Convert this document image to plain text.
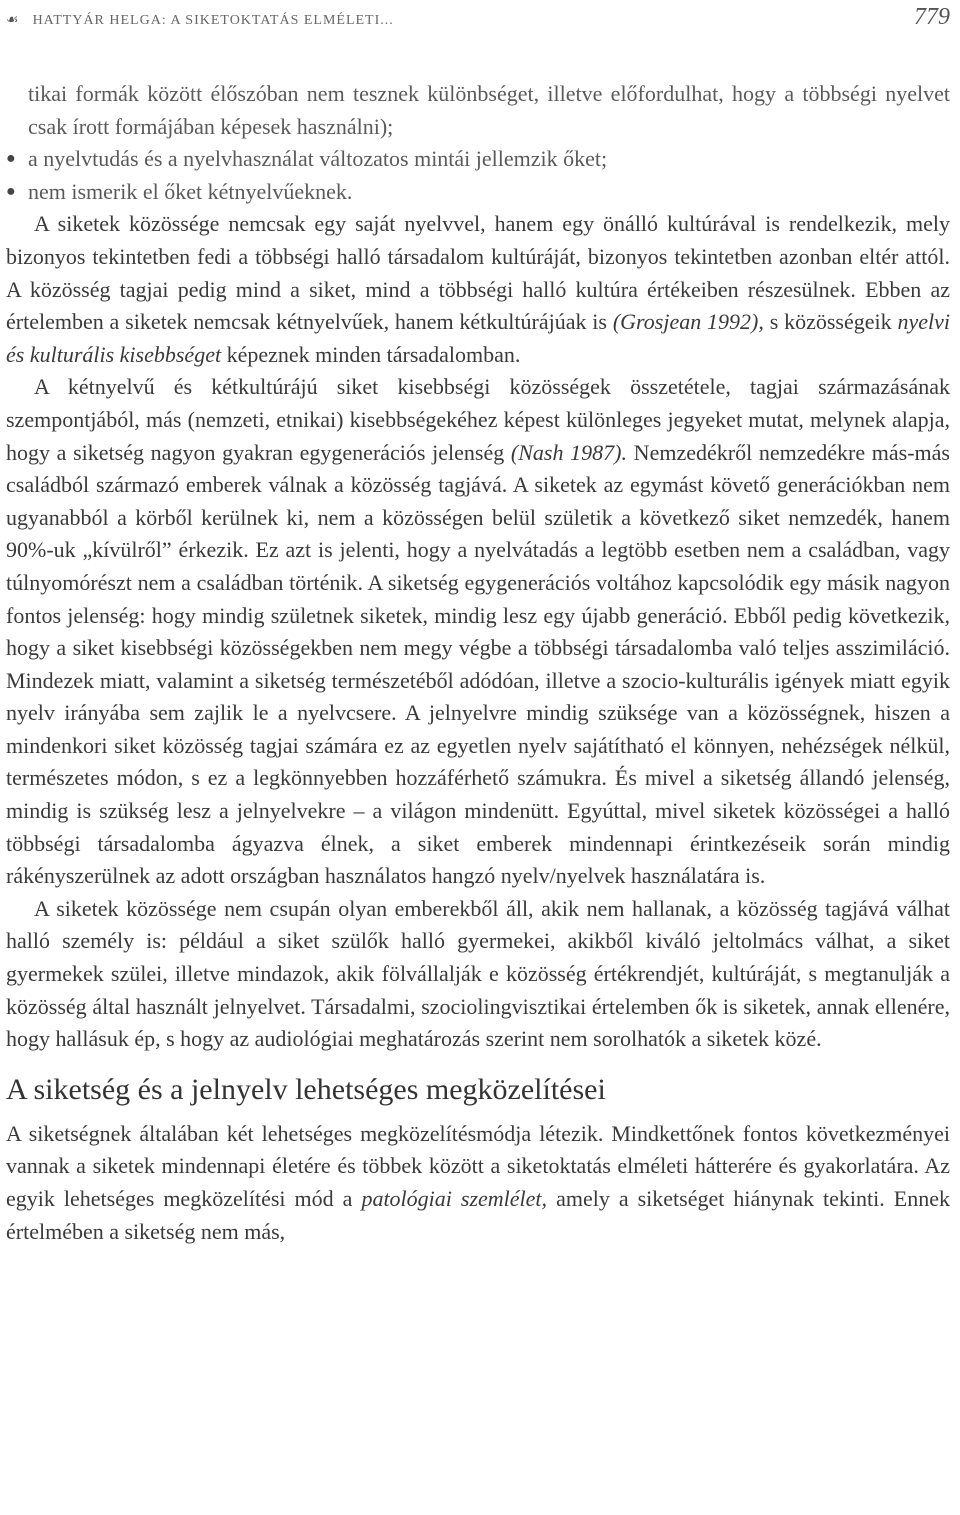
☙ HATTYÁR HELGA: A SIKETOKTATÁS ELMÉLETI...	779

tikai formák között élőszóban nem tesznek különbséget, illetve előfordulhat, hogy a többségi nyelvet csak írott formájában képesek használni);

● a nyelvtudás és a nyelvhasználat változatos mintái jellemzik őket;
● nem ismerik el őket kétnyelvűeknek.

A siketek közössége nemcsak egy saját nyelvvel, hanem egy önálló kultúrával is rendelkezik, mely bizonyos tekintetben fedi a többségi halló társadalom kultúráját, bizonyos tekintetben azonban eltér attól. A közösség tagjai pedig mind a siket, mind a többségi halló kultúra értékeiben részesülnek. Ebben az értelemben a siketek nemcsak kétnyelvűek, hanem kétkultúrájúak is (Grosjean 1992), s közösségeik nyelvi és kulturális kisebbséget képeznek minden társadalomban.

A kétnyelvű és kétkultúrájú siket kisebbségi közösségek összetétele, tagjai származásának szempontjából, más (nemzeti, etnikai) kisebbségekéhez képest különleges jegyeket mutat, melynek alapja, hogy a siketség nagyon gyakran egygenerációs jelenség (Nash 1987). Nemzedékről nemzedékre más-más családból származó emberek válnak a közösség tagjává. A siketek az egymást követő generációkban nem ugyanabból a körből kerülnek ki, nem a közösségen belül születik a következő siket nemzedék, hanem 90%-uk „kívülről” érkezik. Ez azt is jelenti, hogy a nyelvátadás a legtöbb esetben nem a családban, vagy túlnyomórészt nem a családban történik. A siketség egygenerációs voltához kapcsolódik egy másik nagyon fontos jelenség: hogy mindig születnek siketek, mindig lesz egy újabb generáció. Ebből pedig következik, hogy a siket kisebbségi közösségekben nem megy végbe a többségi társadalomba való teljes asszimiláció. Mindezek miatt, valamint a siketség természetéből adódóan, illetve a szocio-kulturális igények miatt egyik nyelv irányába sem zajlik le a nyelvcsere. A jelnyelvre mindig szüksége van a közösségnek, hiszen a mindenkori siket közösség tagjai számára ez az egyetlen nyelv sajátítható el könnyen, nehézségek nélkül, természetes módon, s ez a legkönnyebben hozzáférhető számukra. És mivel a siketség állandó jelenség, mindig is szükség lesz a jelnyelvekre – a világon mindenütt. Egyúttal, mivel siketek közösségei a halló többségi társadalomba ágyazva élnek, a siket emberek mindennapi érintkezéseik során mindig rákényszerülnek az adott országban használatos hangzó nyelv/nyelvek használatára is.

A siketek közössége nem csupán olyan emberekből áll, akik nem hallanak, a közösség tagjává válhat halló személy is: például a siket szülők halló gyermekei, akikből kiváló jeltolmács válhat, a siket gyermekek szülei, illetve mindazok, akik fölvállalják e közösség értékrendjét, kultúráját, s megtanulják a közösség által használt jelnyelvet. Társadalmi, szociolingvisztikai értelemben ők is siketek, annak ellenére, hogy hallásuk ép, s hogy az audiológiai meghatározás szerint nem sorolhatók a siketek közé.

A siketség és a jelnyelv lehetséges megközelítései

A siketségnek általában két lehetséges megközelítésmódja létezik. Mindkettőnek fontos következményei vannak a siketek mindennapi életére és többek között a siketoktatás elméleti hátterére és gyakorlatára. Az egyik lehetséges megközelítési mód a patológiai szemlélet, amely a siketséget hiánynak tekinti. Ennek értelmében a siketség nem más,
